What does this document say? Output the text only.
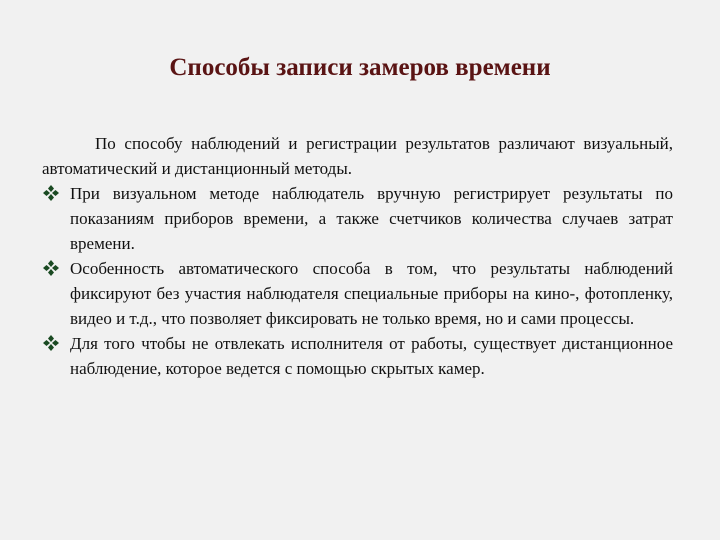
Способы записи замеров времени

По способу наблюдений и регистрации результатов различают визуальный, автоматический и дистанционный методы.

При визуальном методе наблюдатель вручную регистрирует результаты по показаниям приборов времени, а также счетчиков количества случаев затрат времени.
Особенность автоматического способа в том, что результаты наблюдений фиксируют без участия наблюдателя специальные приборы на кино-, фотопленку, видео и т.д., что позволяет фиксировать не только время, но и сами процессы.
Для того чтобы не отвлекать исполнителя от работы, существует дистанционное наблюдение, которое ведется с помощью скрытых камер.
